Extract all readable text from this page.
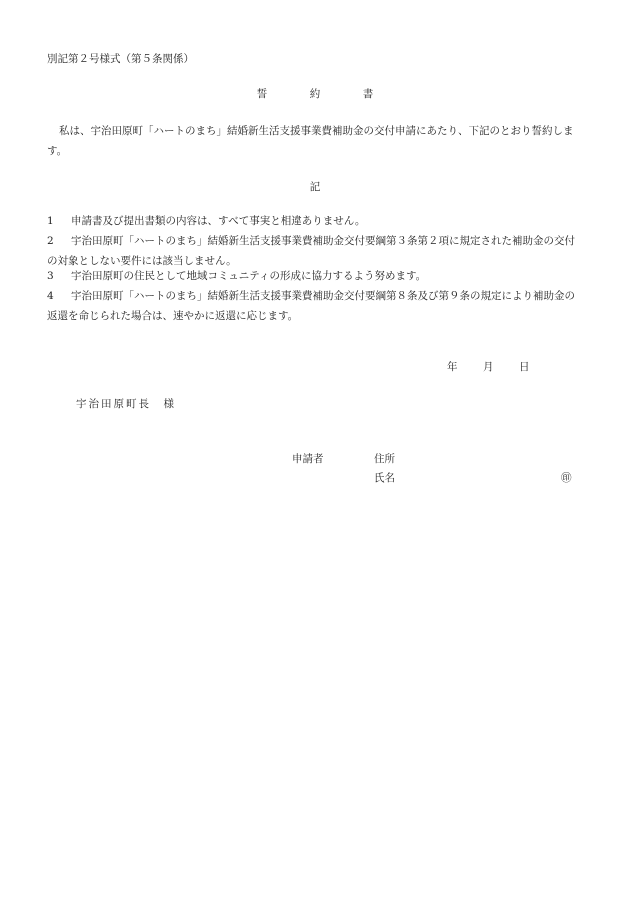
別記第２号様式（第５条関係）
誓　約　書
私は、宇治田原町「ハートのまち」結婚新生活支援事業費補助金の交付申請にあたり、下記のとおり誓約します。
記
1	申請書及び提出書類の内容は、すべて事実と相違ありません。
2	宇治田原町「ハートのまち」結婚新生活支援事業費補助金交付要綱第３条第２項に規定された補助金の交付の対象としない要件には該当しません。
3	宇治田原町の住民として地域コミュニティの形成に協力するよう努めます。
4	宇治田原町「ハートのまち」結婚新生活支援事業費補助金交付要綱第８条及び第９条の規定により補助金の返還を命じられた場合は、速やかに返還に応じます。
年 月 日
宇治田原町長　様
申請者	住所
氏名	㊞
